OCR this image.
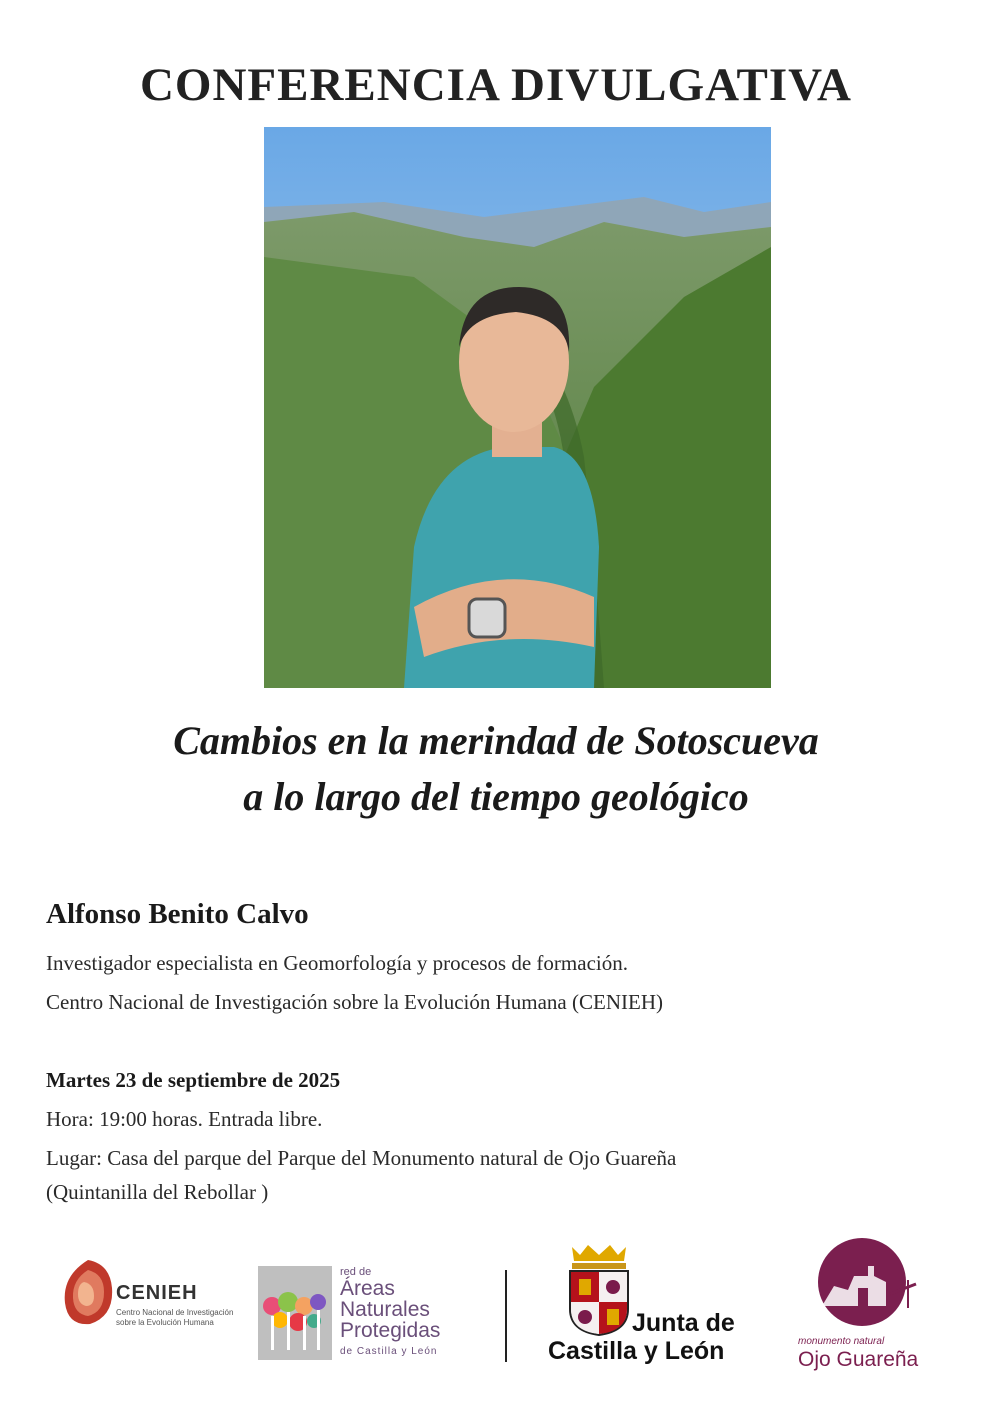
CONFERENCIA DIVULGATIVA
Cambios en la merindad de Sotoscueva
a lo largo del tiempo geológico
Alfonso Benito Calvo
Investigador especialista en Geomorfología y procesos de formación.
Centro Nacional de Investigación sobre la Evolución Humana (CENIEH)
Martes 23 de septiembre de 2025
Hora: 19:00 horas. Entrada libre.
Lugar: Casa del parque del Parque del Monumento natural de Ojo Guareña
(Quintanilla del Rebollar )
CENIEH
Centro Nacional de Investigación
sobre la Evolución Humana
red de
Áreas
Naturales
Protegidas
de Castilla y León
Junta de
Castilla y León	monumento natural
Ojo Guareña
